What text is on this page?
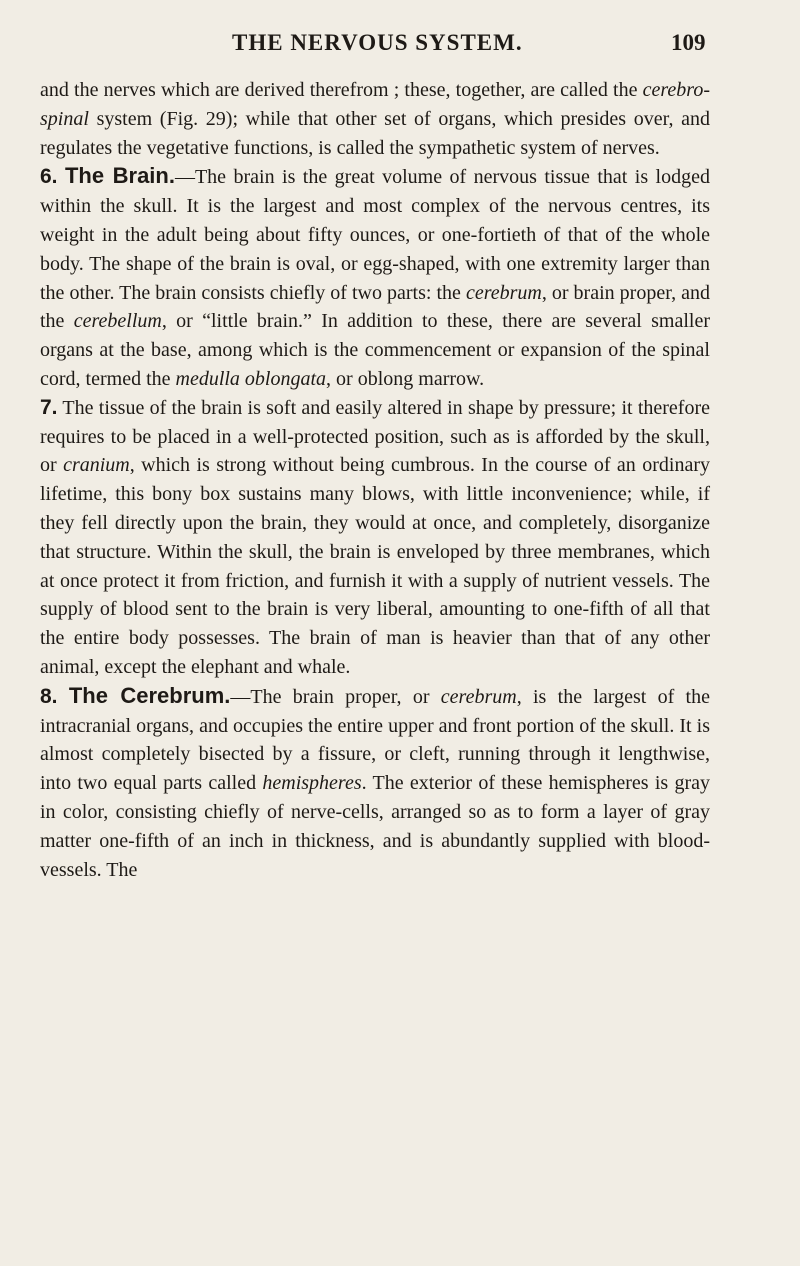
THE NERVOUS SYSTEM.	109

and the nerves which are derived therefrom ; these, together, are called the cerebro-spinal system (Fig. 29); while that other set of organs, which presides over, and regulates the vegetative functions, is called the sympathetic system of nerves.

6. The Brain.—The brain is the great volume of nervous tissue that is lodged within the skull. It is the largest and most complex of the nervous centres, its weight in the adult being about fifty ounces, or one-fortieth of that of the whole body. The shape of the brain is oval, or egg-shaped, with one extremity larger than the other. The brain consists chiefly of two parts: the cerebrum, or brain proper, and the cerebellum, or “little brain.” In addition to these, there are several smaller organs at the base, among which is the commencement or expansion of the spinal cord, termed the medulla oblongata, or oblong marrow.

7. The tissue of the brain is soft and easily altered in shape by pressure; it therefore requires to be placed in a well-protected position, such as is afforded by the skull, or cranium, which is strong without being cumbrous. In the course of an ordinary lifetime, this bony box sustains many blows, with little inconvenience; while, if they fell directly upon the brain, they would at once, and completely, disorganize that structure. Within the skull, the brain is enveloped by three membranes, which at once protect it from friction, and furnish it with a supply of nutrient vessels. The supply of blood sent to the brain is very liberal, amounting to one-fifth of all that the entire body possesses. The brain of man is heavier than that of any other animal, except the elephant and whale.

8. The Cerebrum.—The brain proper, or cerebrum, is the largest of the intracranial organs, and occupies the entire upper and front portion of the skull. It is almost completely bisected by a fissure, or cleft, running through it lengthwise, into two equal parts called hemispheres. The exterior of these hemispheres is gray in color, consisting chiefly of nerve-cells, arranged so as to form a layer of gray matter one-fifth of an inch in thickness, and is abundantly supplied with blood-vessels. The
